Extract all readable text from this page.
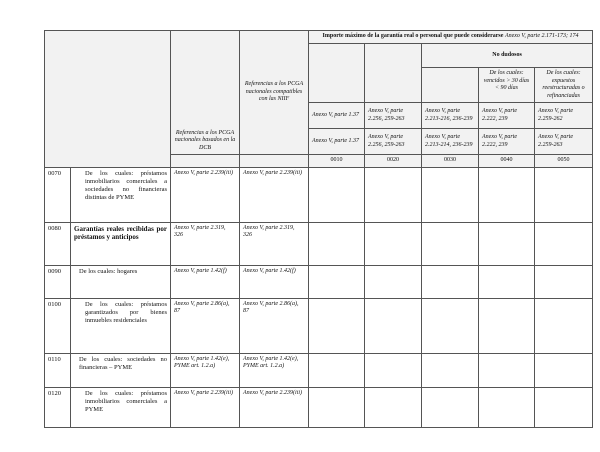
		Referencias a los PCGA nacionales basados en la DCB	Referencias a los PCGA nacionales compatibles con las NIIF	Importe máximo de la garantía real o personal que puede considerarse Anexo V, parte 2.171-173; 174				
						No dudosos		
							De los cuales: vencidos > 30 días < 90 días	De los cuales: expuestos reestructuradas o refinanciadas
				Anexo V, parte 1.37	Anexo V, parte 2.256, 259-263	Anexo V, parte 2.213-216, 236-239	Anexo V, parte 2.222, 239	Anexo V, parte 2.259-262
				Anexo V, parte 1.37	Anexo V, parte 2.256, 259-263	Anexo V, parte 2.213-214, 236-239	Anexo V, parte 2.222, 239	Anexo V, parte 2.259-263
				0010	0020	0030	0040	0050
0070	De los cuales: préstamos inmobiliarios comerciales a sociedades no financieras distintas de PYME	Anexo V, parte 2.239(iii)	Anexo V, parte 2.239(iii)					
0080	Garantías reales recibidas por préstamos y anticipos	Anexo V, parte 2.319, 326	Anexo V, parte 2.319, 326					
0090	De los cuales: hogares	Anexo V, parte 1.42(f)	Anexo V, parte 1.42(f)					
0100	De los cuales: préstamos garantizados por bienes inmuebles residenciales	Anexo V, parte 2.86(a), 87	Anexo V, parte 2.86(a), 87					
0110	De los cuales: sociedades no financieras – PYME	Anexo V, parte 1.42(e), PYME art. 1.2.a)	Anexo V, parte 1.42(e), PYME art. 1.2.a)					
0120	De los cuales: préstamos inmobiliarios comerciales a PYME	Anexo V, parte 2.239(iii)	Anexo V, parte 2.239(iii)					
